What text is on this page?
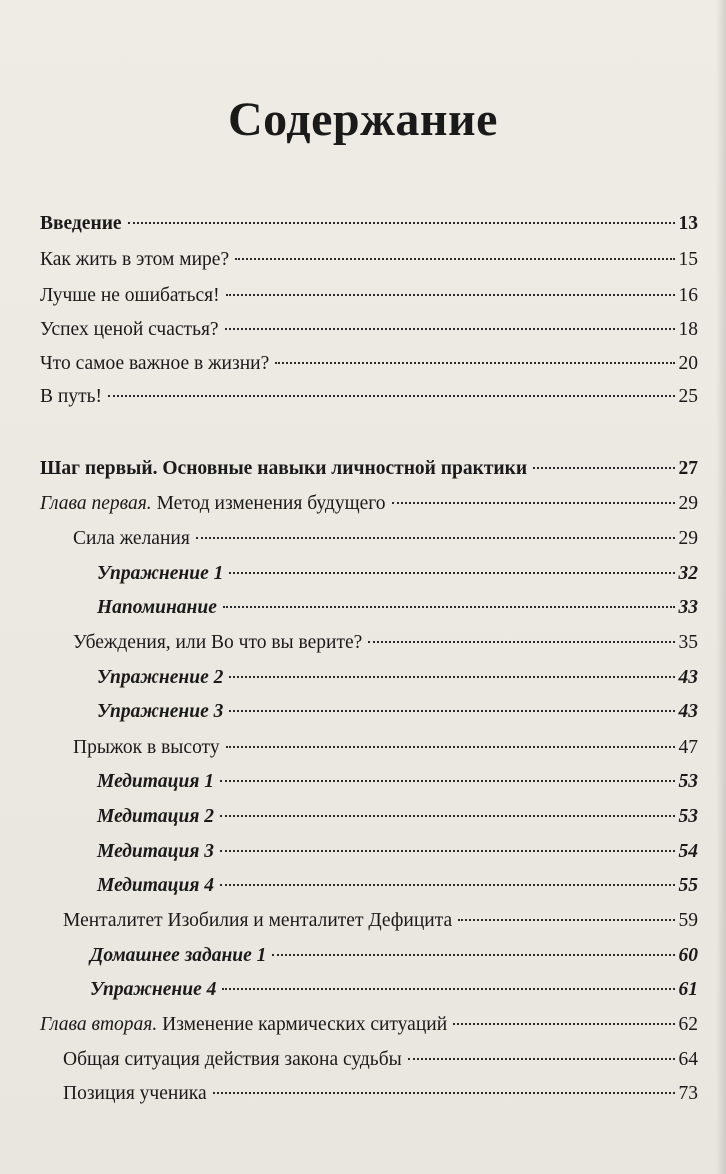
Содержание
Введение	13
Как жить в этом мире?	15
Лучше не ошибаться!	16
Успех ценой счастья?	18
Что самое важное в жизни?	20
В путь!	25
Шаг первый. Основные навыки личностной практики	27
Глава первая. Метод изменения будущего	29
Сила желания	29
Упражнение 1	32
Напоминание	33
Убеждения, или Во что вы верите?	35
Упражнение 2	43
Упражнение 3	43
Прыжок в высоту	47
Медитация 1	53
Медитация 2	53
Медитация 3	54
Медитация 4	55
Менталитет Изобилия и менталитет Дефицита	59
Домашнее задание 1	60
Упражнение 4	61
Глава вторая. Изменение кармических ситуаций	62
Общая ситуация действия закона судьбы	64
Позиция ученика	73
